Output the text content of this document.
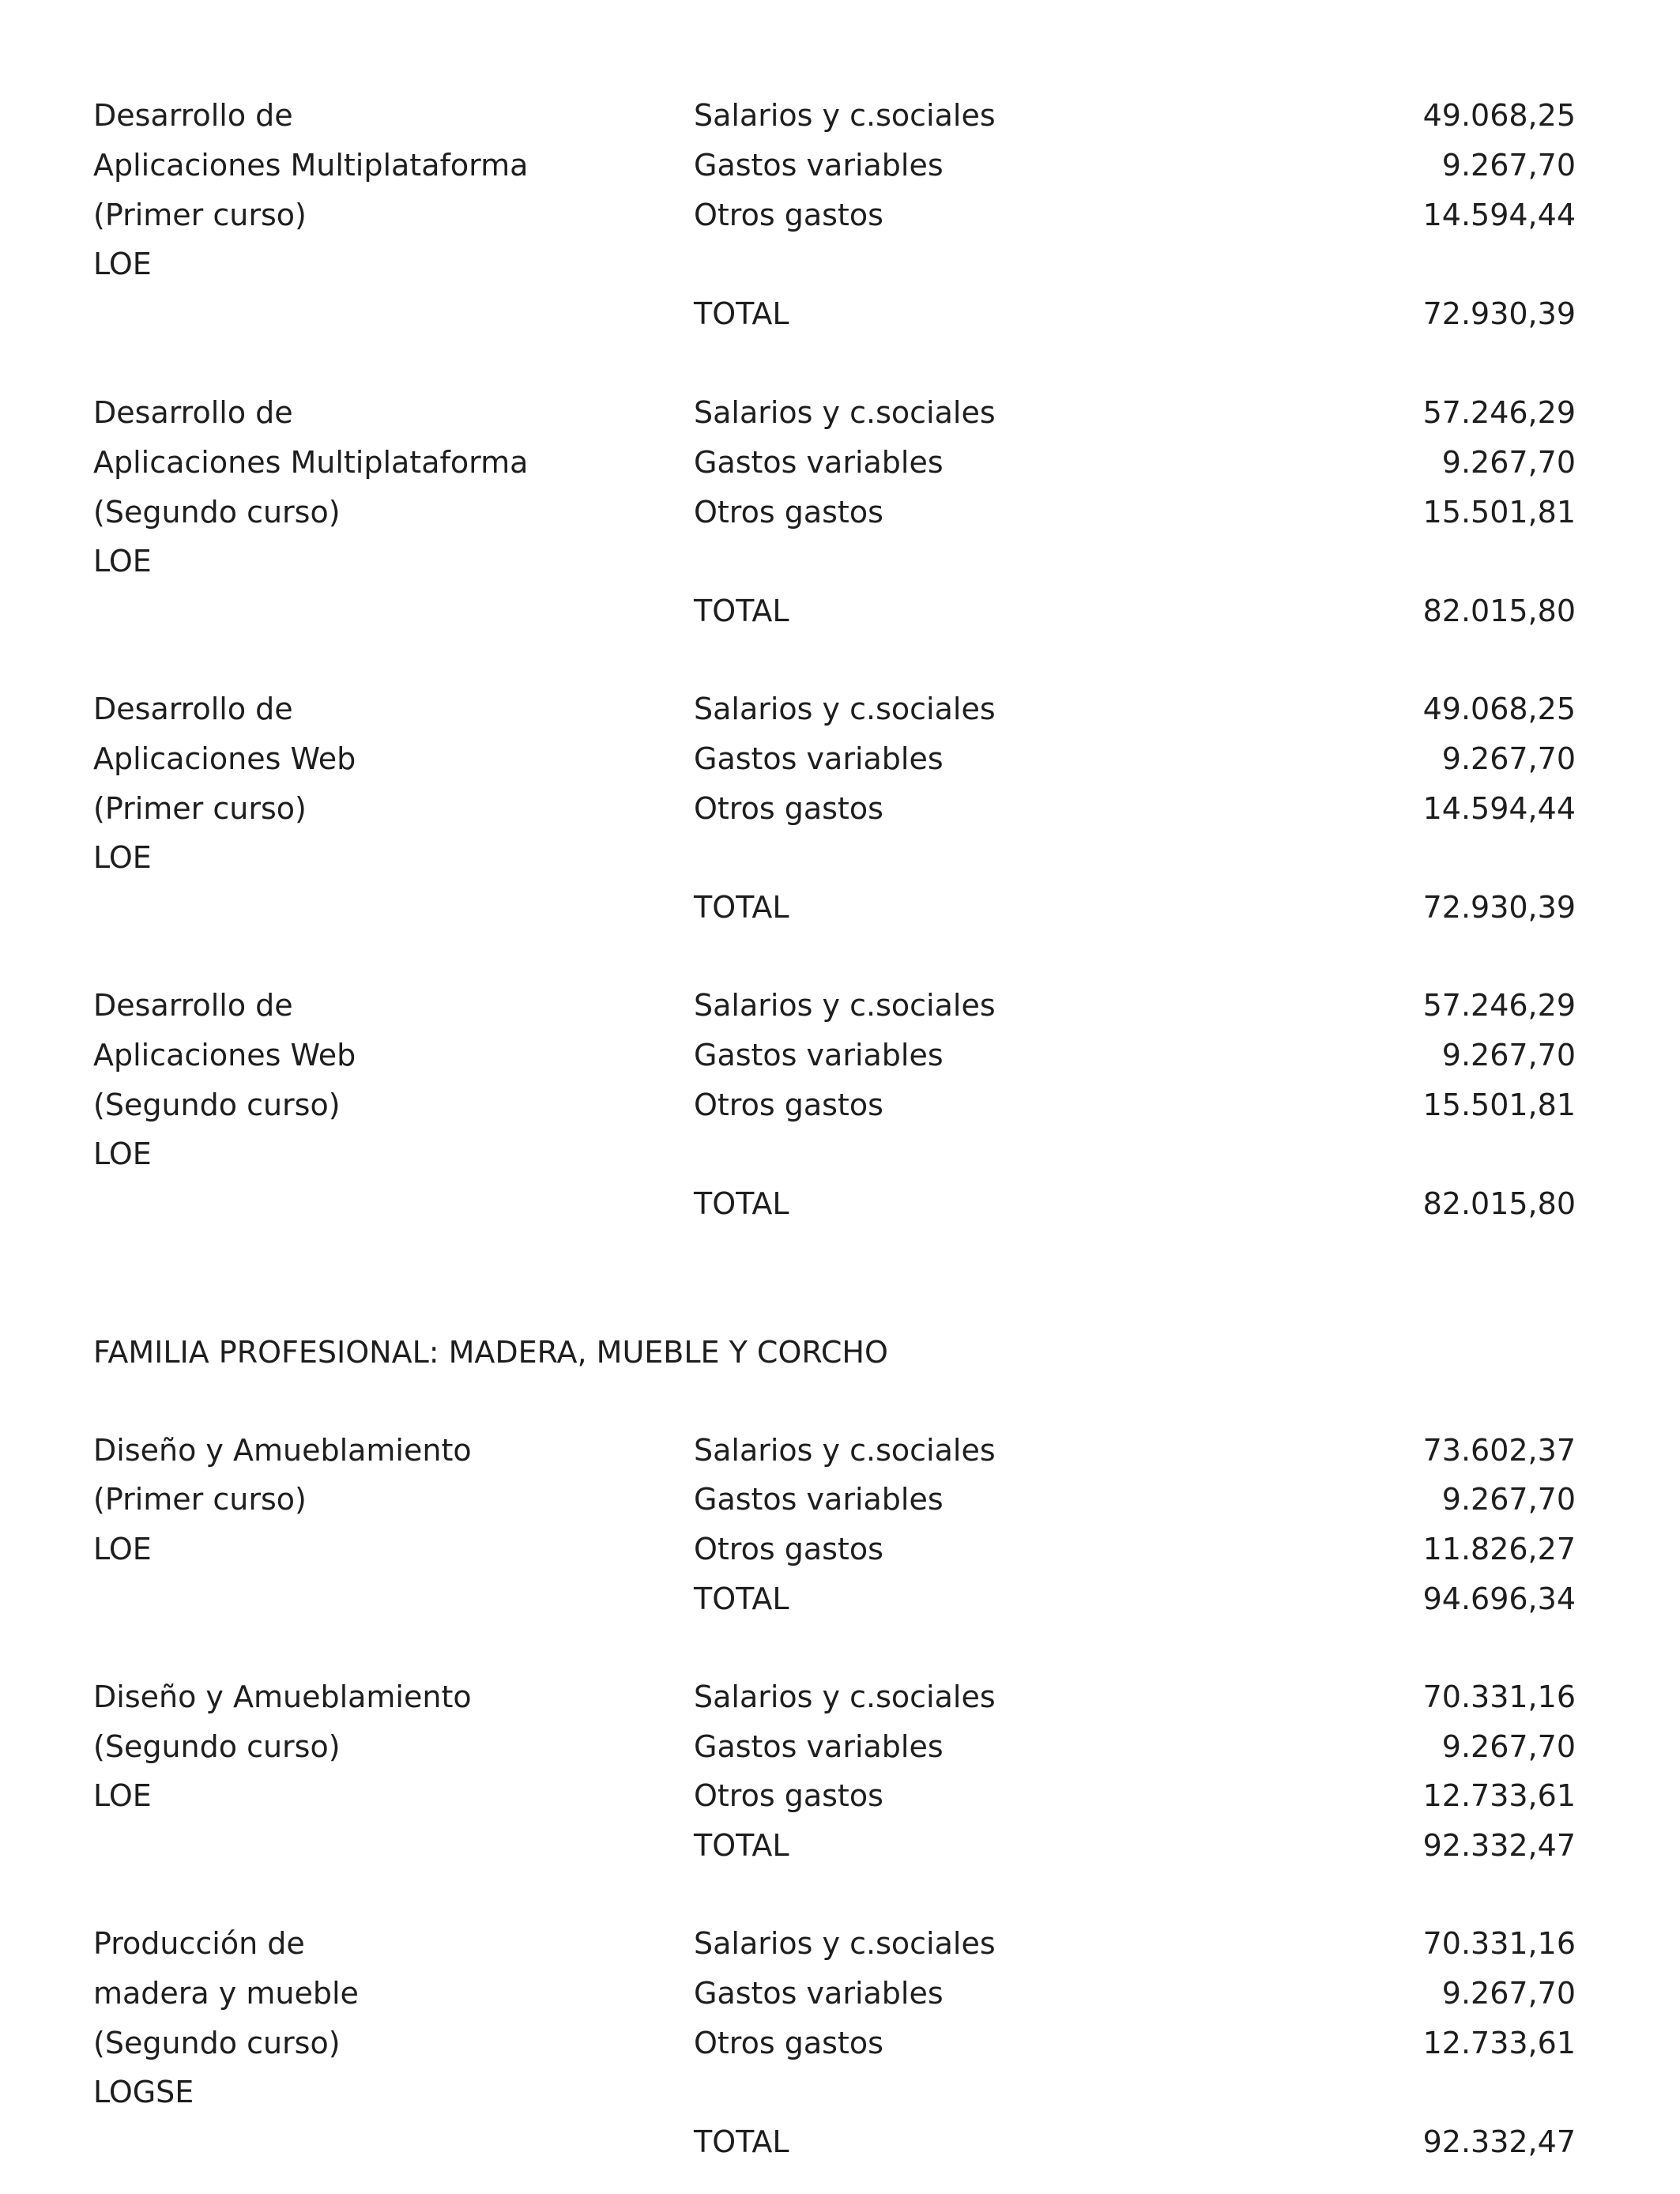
Desarrollo de
Aplicaciones Multiplataforma
(Primer curso)
LOE
Salarios y c.sociales	49.068,25
Gastos variables	9.267,70
Otros gastos	14.594,44
TOTAL	72.930,39
Desarrollo de
Aplicaciones Multiplataforma
(Segundo curso)
LOE
Salarios y c.sociales	57.246,29
Gastos variables	9.267,70
Otros gastos	15.501,81
TOTAL	82.015,80
Desarrollo de
Aplicaciones Web
(Primer curso)
LOE
Salarios y c.sociales	49.068,25
Gastos variables	9.267,70
Otros gastos	14.594,44
TOTAL	72.930,39
Desarrollo de
Aplicaciones Web
(Segundo curso)
LOE
Salarios y c.sociales	57.246,29
Gastos variables	9.267,70
Otros gastos	15.501,81
TOTAL	82.015,80
FAMILIA PROFESIONAL: MADERA, MUEBLE Y CORCHO
Diseño y Amueblamiento
(Primer curso)
LOE
Salarios y c.sociales	73.602,37
Gastos variables	9.267,70
Otros gastos	11.826,27
TOTAL	94.696,34
Diseño y Amueblamiento
(Segundo curso)
LOE
Salarios y c.sociales	70.331,16
Gastos variables	9.267,70
Otros gastos	12.733,61
TOTAL	92.332,47
Producción de
madera y mueble
(Segundo curso)
LOGSE
Salarios y c.sociales	70.331,16
Gastos variables	9.267,70
Otros gastos	12.733,61
TOTAL	92.332,47
